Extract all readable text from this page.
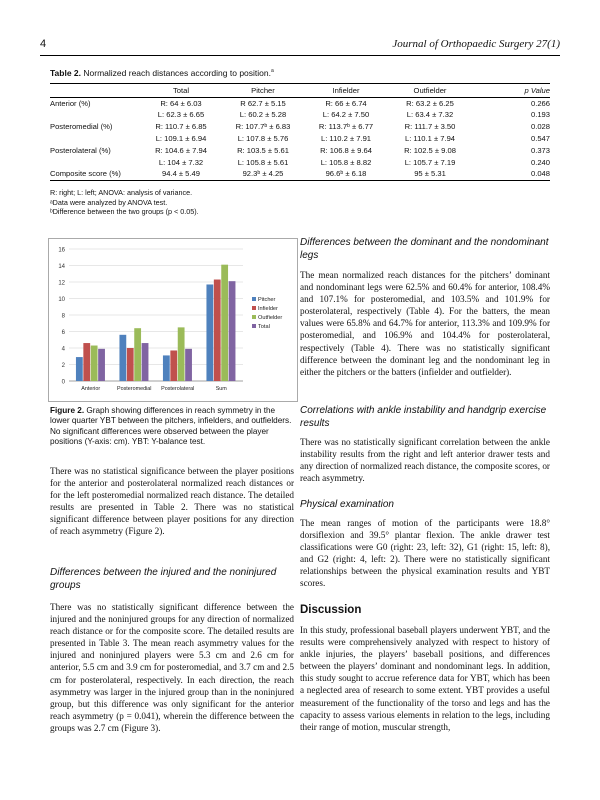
4	Journal of Orthopaedic Surgery 27(1)
Table 2. Normalized reach distances according to position.$^a$
	Total	Pitcher	Infielder	Outfielder	p Value
Anterior (%)	R: 64 ± 6.03	R 62.7 ± 5.15	R: 66 ± 6.74	R: 63.2 ± 6.25	0.266
	L: 62.3 ± 6.65	L: 60.2 ± 5.28	L: 64.2 ± 7.50	L: 63.4 ± 7.32	0.193
Posteromedial (%)	R: 110.7 ± 6.85	R: 107.7ᵇ ± 6.83	R: 113.7ᵇ ± 6.77	R: 111.7 ± 3.50	0.028
	L: 109.1 ± 6.94	L: 107.8 ± 5.76	L: 110.2 ± 7.91	L: 110.1 ± 7.94	0.547
Posterolateral (%)	R: 104.6 ± 7.94	R: 103.5 ± 5.61	R: 106.8 ± 9.64	R: 102.5 ± 9.08	0.373
	L: 104 ± 7.32	L: 105.8 ± 5.61	L: 105.8 ± 8.82	L: 105.7 ± 7.19	0.240
Composite score (%)	94.4 ± 5.49	92.3ᵇ ± 4.25	96.6ᵇ ± 6.18	95 ± 5.31	0.048
R: right; L: left; ANOVA: analysis of variance.
ᵃData were analyzed by ANOVA test.
ᵇDifference between the two groups (p < 0.05).
0
2
4
6
8
10
12
14
16
Anterior	Posteromedial Posterolateral	Sum
Pitcher
Infielder
Outfielder
Total
Figure 2. Graph showing differences in reach symmetry in the lower quarter YBT between the pitchers, infielders, and outfielders. No significant differences were observed between the player positions (Y-axis: cm). YBT: Y-balance test.
There was no statistical significance between the player positions for the anterior and posterolateral normalized reach distances or for the left posteromedial normalized reach distance. The detailed results are presented in Table 2. There was no statistical significant difference between player positions for any direction of reach asymmetry (Figure 2).
Differences between the injured and the noninjured groups
There was no statistically significant difference between the injured and the noninjured groups for any direction of normalized reach distance or for the composite score. The detailed results are presented in Table 3. The mean reach asymmetry values for the injured and noninjured players were 5.3 cm and 2.6 cm for anterior, 5.5 cm and 3.9 cm for posteromedial, and 3.7 cm and 2.5 cm for posterolateral, respectively. In each direction, the reach asymmetry was larger in the injured group than in the noninjured group, but this difference was only significant for the anterior reach asymmetry (p = 0.041), wherein the difference between the groups was 2.7 cm (Figure 3).
Differences between the dominant and the nondominant legs
The mean normalized reach distances for the pitchers’ dominant and nondominant legs were 62.5% and 60.4% for anterior, 108.4% and 107.1% for posteromedial, and 103.5% and 101.9% for posterolateral, respectively (Table 4). For the batters, the mean values were 65.8% and 64.7% for anterior, 113.3% and 109.9% for posteromedial, and 106.9% and 104.4% for posterolateral, respectively (Table 4). There was no statistically significant difference between the dominant leg and the nondominant leg in either the pitchers or the batters (infielder and outfielder).
Correlations with ankle instability and handgrip exercise results
There was no statistically significant correlation between the ankle instability results from the right and left anterior drawer tests and any direction of normalized reach distance, the composite scores, or reach asymmetry.
Physical examination
The mean ranges of motion of the participants were 18.8° dorsiflexion and 39.5° plantar flexion. The ankle drawer test classifications were G0 (right: 23, left: 32), G1 (right: 15, left: 8), and G2 (right: 4, left: 2). There were no statistically significant relationships between the physical examination results and YBT scores.
Discussion
In this study, professional baseball players underwent YBT, and the results were comprehensively analyzed with respect to history of ankle injuries, the players’ baseball positions, and differences between the players’ dominant and nondominant legs. In addition, this study sought to accrue reference data for YBT, which has been a neglected area of research to some extent. YBT provides a useful measurement of the functionality of the torso and legs and has the capacity to assess various elements in relation to the legs, including their range of motion, muscular strength,
